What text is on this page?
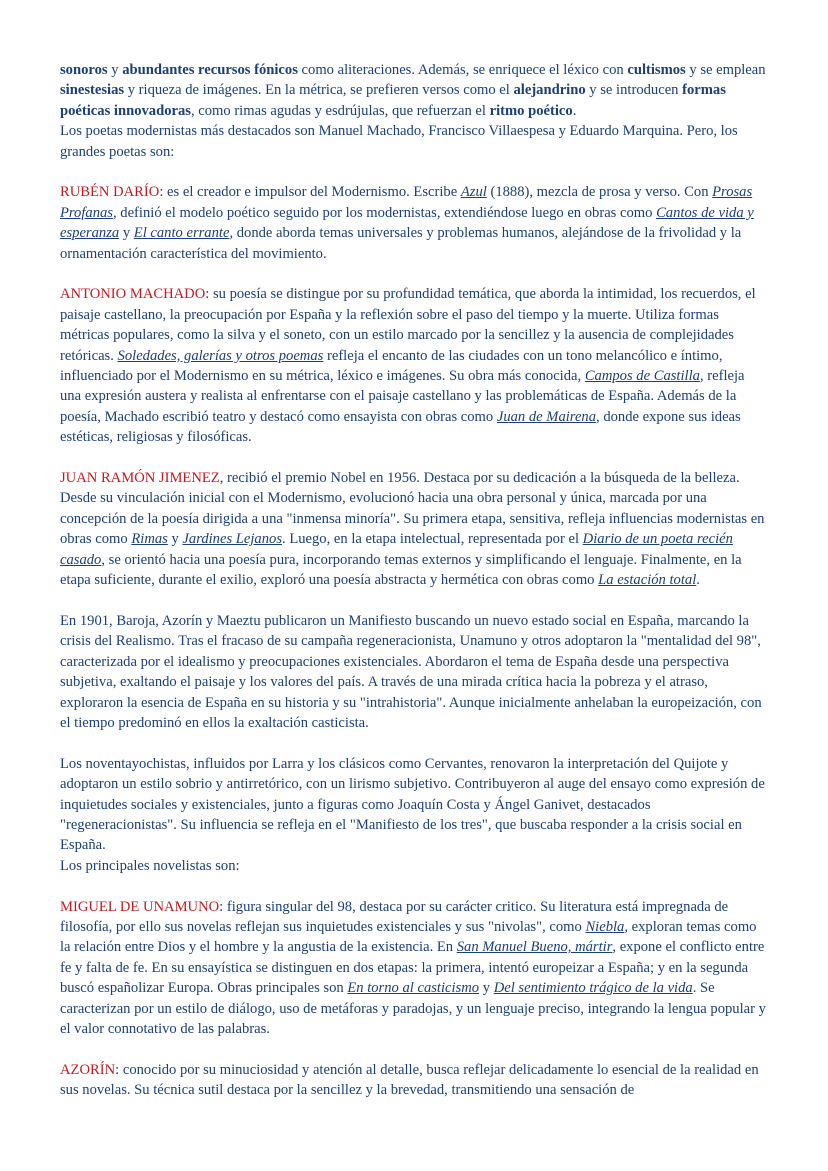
sonoros y abundantes recursos fónicos como aliteraciones. Además, se enriquece el léxico con cultismos y se emplean sinestesias y riqueza de imágenes. En la métrica, se prefieren versos como el alejandrino y se introducen formas poéticas innovadoras, como rimas agudas y esdrújulas, que refuerzan el ritmo poético.

Los poetas modernistas más destacados son Manuel Machado, Francisco Villaespesa y Eduardo Marquina. Pero, los grandes poetas son:

RUBÉN DARÍO: es el creador e impulsor del Modernismo. Escribe Azul (1888), mezcla de prosa y verso. Con Prosas Profanas, definió el modelo poético seguido por los modernistas, extendiéndose luego en obras como Cantos de vida y esperanza y El canto errante, donde aborda temas universales y problemas humanos, alejándose de la frivolidad y la ornamentación característica del movimiento.

ANTONIO MACHADO: su poesía se distingue por su profundidad temática, que aborda la intimidad, los recuerdos, el paisaje castellano, la preocupación por España y la reflexión sobre el paso del tiempo y la muerte. Utiliza formas métricas populares, como la silva y el soneto, con un estilo marcado por la sencillez y la ausencia de complejidades retóricas. Soledades, galerías y otros poemas refleja el encanto de las ciudades con un tono melancólico e íntimo, influenciado por el Modernismo en su métrica, léxico e imágenes. Su obra más conocida, Campos de Castilla, refleja una expresión austera y realista al enfrentarse con el paisaje castellano y las problemáticas de España. Además de la poesía, Machado escribió teatro y destacó como ensayista con obras como Juan de Mairena, donde expone sus ideas estéticas, religiosas y filosóficas.

JUAN RAMÓN JIMENEZ, recibió el premio Nobel en 1956. Destaca por su dedicación a la búsqueda de la belleza. Desde su vinculación inicial con el Modernismo, evolucionó hacia una obra personal y única, marcada por una concepción de la poesía dirigida a una "inmensa minoría". Su primera etapa, sensitiva, refleja influencias modernistas en obras como Rimas y Jardines Lejanos. Luego, en la etapa intelectual, representada por el Diario de un poeta recién casado, se orientó hacia una poesía pura, incorporando temas externos y simplificando el lenguaje. Finalmente, en la etapa suficiente, durante el exilio, exploró una poesía abstracta y hermética con obras como La estación total.

En 1901, Baroja, Azorín y Maeztu publicaron un Manifiesto buscando un nuevo estado social en España, marcando la crisis del Realismo. Tras el fracaso de su campaña regeneracionista, Unamuno y otros adoptaron la "mentalidad del 98", caracterizada por el idealismo y preocupaciones existenciales. Abordaron el tema de España desde una perspectiva subjetiva, exaltando el paisaje y los valores del país. A través de una mirada crítica hacia la pobreza y el atraso, exploraron la esencia de España en su historia y su "intrahistoria". Aunque inicialmente anhelaban la europeización, con el tiempo predominó en ellos la exaltación casticista.

Los noventayochistas, influidos por Larra y los clásicos como Cervantes, renovaron la interpretación del Quijote y adoptaron un estilo sobrio y antirretórico, con un lirismo subjetivo. Contribuyeron al auge del ensayo como expresión de inquietudes sociales y existenciales, junto a figuras como Joaquín Costa y Ángel Ganivet, destacados "regeneracionistas". Su influencia se refleja en el "Manifiesto de los tres", que buscaba responder a la crisis social en España.

Los principales novelistas son:

MIGUEL DE UNAMUNO: figura singular del 98, destaca por su carácter critico. Su literatura está impregnada de filosofía, por ello sus novelas reflejan sus inquietudes existenciales y sus "nivolas", como Niebla, exploran temas como la relación entre Dios y el hombre y la angustia de la existencia. En San Manuel Bueno, mártir, expone el conflicto entre fe y falta de fe. En su ensayística se distinguen en dos etapas: la primera, intentó europeizar a España; y en la segunda buscó españolizar Europa. Obras principales son En torno al casticismo y Del sentimiento trágico de la vida. Se caracterizan por un estilo de diálogo, uso de metáforas y paradojas, y un lenguaje preciso, integrando la lengua popular y el valor connotativo de las palabras.

AZORÍN: conocido por su minuciosidad y atención al detalle, busca reflejar delicadamente lo esencial de la realidad en sus novelas. Su técnica sutil destaca por la sencillez y la brevedad, transmitiendo una sensación de
